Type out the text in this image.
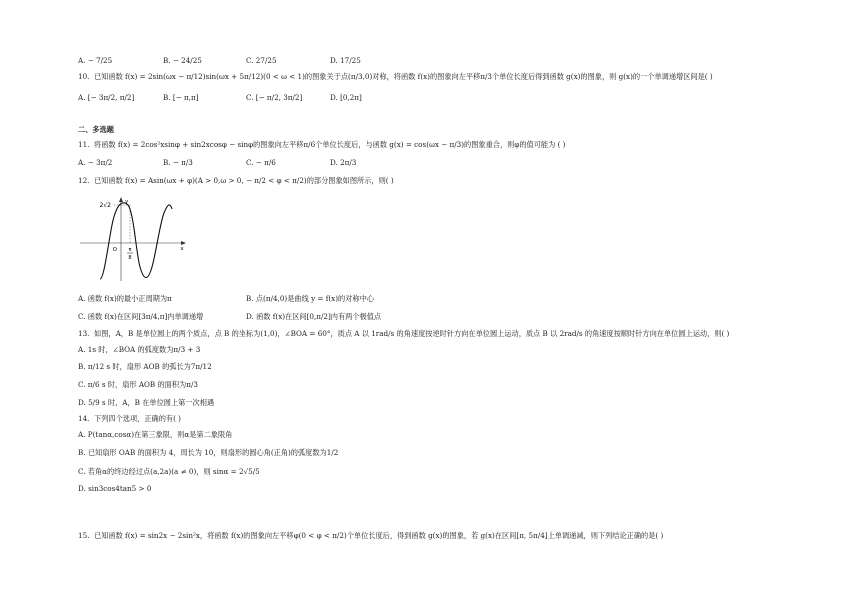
A. − 7/25	B. − 24/25	C. 27/25	D. 17/25
10. 已知函数 f(x) = 2sin(ωx − π/12)sin(ωx + 5π/12)(0 < ω < 1)的图象关于点(π/3,0)对称，将函数 f(x)的图象向左平移π/3个单位长度后得到函数 g(x)的图象，则 g(x)的一个单调递增区间是( )
A. [− 3π/2, π/2]	B. [− π,π]	C. [− π/2, 3π/2]	D. [0,2π]
二、多选题
11. 将函数 f(x) = 2cos²xsinφ + sin2xcosφ − sinφ的图象向左平移π/6个单位长度后，与函数 g(x) = cos(ωx − π/3)的图象重合，则φ的值可能为 ( )
A. − 3π/2	B. − π/3	C. − π/6	D. 2π/3
12. 已知函数 f(x) = Asin(ωx + φ)(A > 0,ω > 0, − π/2 < φ < π/2)的部分图象如图所示，则( )
2√2
O π
8
x
y
A. 函数 f(x)的最小正周期为π	B. 点(π/4,0)是曲线 y = f(x)的对称中心
C. 函数 f(x)在区间[3π/4,π]内单调递增	D. 函数 f(x)在区间[0,π/2]内有两个极值点
13. 如图，A，B 是单位圆上的两个质点，点 B 的坐标为(1,0)，∠BOA = 60°，质点 A 以 1rad/s 的角速度按逆时针方向在单位圆上运动，质点 B 以 2rad/s 的角速度按顺时针方向在单位圆上运动，则( )
A. 1s 时，∠BOA 的弧度数为π/3 + 3
B. π/12 s 时，扇形 AOB 的弧长为7π/12
C. π/6 s 时，扇形 AOB 的面积为π/3
D. 5/9 s 时，A，B 在单位圆上第一次相遇
14. 下列四个选项，正确的有( )
A. P(tanα,cosα)在第三象限，则α是第二象限角
B. 已知扇形 OAB 的面积为 4，周长为 10，则扇形的圆心角(正角)的弧度数为1/2
C. 若角α的终边经过点(a,2a)(a ≠ 0)，则 sinα = 2√5/5
D. sin3cos4tan5 > 0
15. 已知函数 f(x) = sin2x − 2sin²x，将函数 f(x)的图象向左平移φ(0 < φ < π/2)个单位长度后，得到函数 g(x)的图象，若 g(x)在区间[π, 5π/4]上单调递减，则下列结论正确的是( )
